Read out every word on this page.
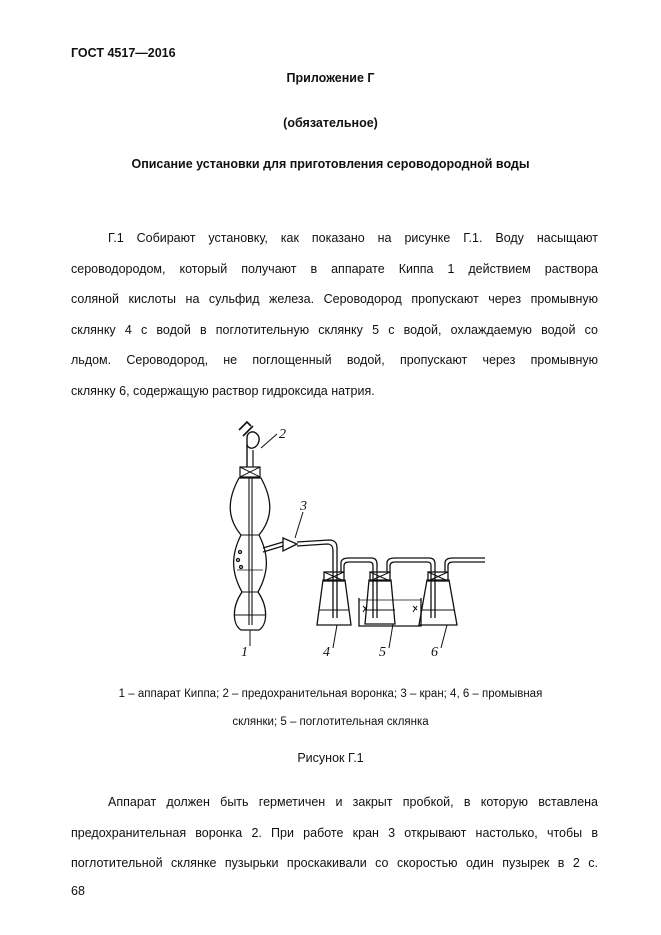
ГОСТ 4517—2016
Приложение Г
(обязательное)
Описание установки для приготовления сероводородной воды
Г.1 Собирают установку, как показано на рисунке Г.1. Воду насыщают
сероводородом, который получают в аппарате Киппа 1 действием раствора
соляной кислоты на сульфид железа. Сероводород пропускают через промывную
склянку 4 с водой в поглотительную склянку 5 с водой, охлаждаемую водой со
льдом. Сероводород, не поглощенный водой, пропускают через промывную
склянку 6, содержащую раствор гидроксида натрия.
2
3
1	4	5	6
1 – аппарат Киппа; 2 – предохранительная воронка; 3 – кран; 4, 6 – промывная
склянки; 5 – поглотительная склянка
Рисунок Г.1
Аппарат должен быть герметичен и закрыт пробкой, в которую вставлена
предохранительная воронка 2. При работе кран 3 открывают настолько, чтобы в
поглотительной склянке пузырьки проскакивали со скоростью один пузырек в 2 с.
68
